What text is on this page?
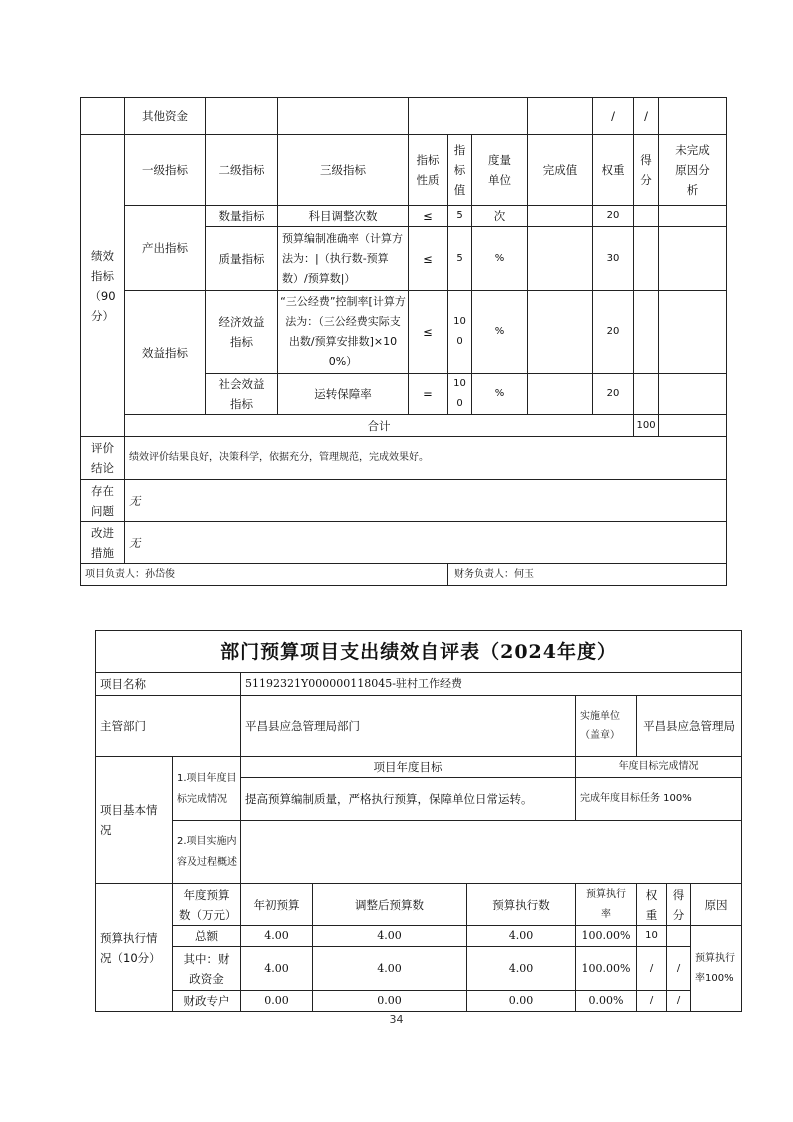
	其他资金							/	/		
绩效指标（90分）	一级指标	二级指标	三级指标	指标性质	指标值	度量单位	完成值	权重	得分	未完成原因分析	
	产出指标	数量指标	科目调整次数	≤	5	次		20			
		质量指标	预算编制准确率（计算方法为：|（执行数-预算数）/预算数|）	≤	5	%		30			
	效益指标	经济效益指标	“三公经费”控制率[计算方法为：（三公经费实际支出数/预算安排数]×100%）	≤	100	%		20			
		社会效益指标	运转保障率	=	100	%		20			
	合计								100		
评价结论	绩效评价结果良好，决策科学，依据充分，管理规范，完成效果好。										
存在问题	无										
改进措施	无										
项目负责人：孙岱俊					财务负责人：何玉						
部门预算项目支出绩效自评表（2024年度）								
项目名称		51192321Y000000118045-驻村工作经费						
主管部门		平昌县应急管理局部门			实施单位（盖章）	平昌县应急管理局		
项目基本情况	1.项目年度目标完成情况	项目年度目标			年度目标完成情况			
		提高预算编制质量，严格执行预算，保障单位日常运转。			完成年度目标任务 100%			
	2.项目实施内容及过程概述							
预算执行情况（10分）	年度预算数（万元）	年初预算	调整后预算数	预算执行数	预算执行率	权重	得分	原因
	总额	4.00	4.00	4.00	100.00%	10		预算执行率100%
	其中：财政资金	4.00	4.00	4.00	100.00%	/	/	
	财政专户	0.00	0.00	0.00	0.00%	/	/	
34
